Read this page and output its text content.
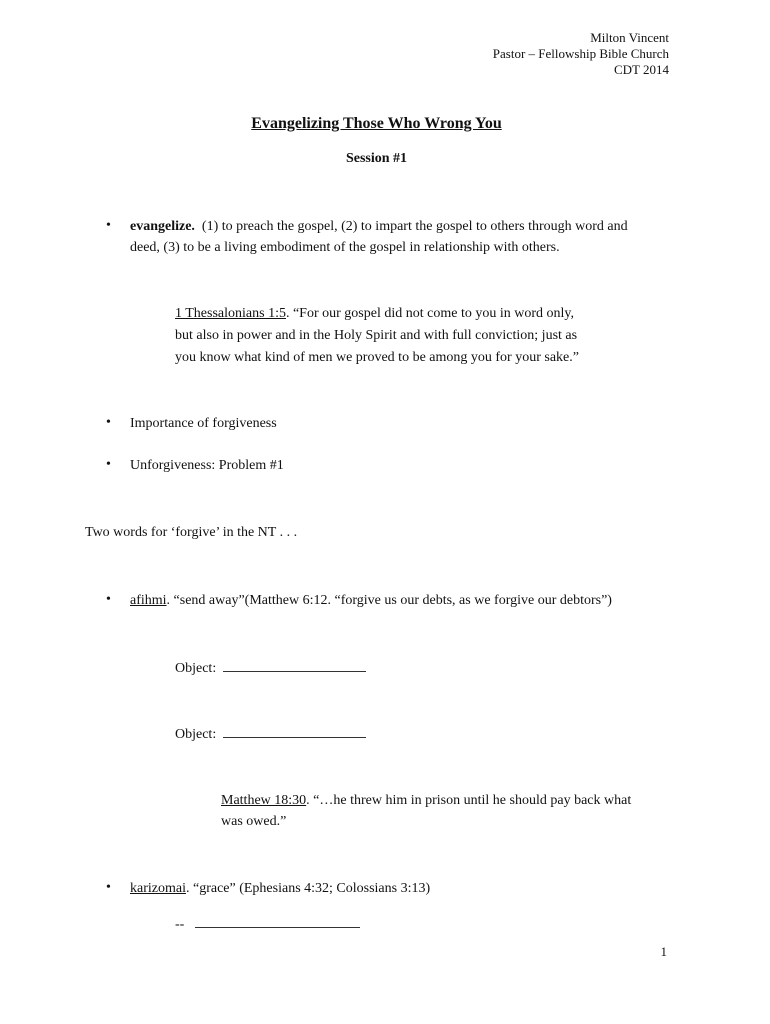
Milton Vincent
Pastor – Fellowship Bible Church
CDT 2014
Evangelizing Those Who Wrong You
Session #1
• evangelize. (1) to preach the gospel, (2) to impart the gospel to others through word and
deed, (3) to be a living embodiment of the gospel in relationship with others.
1 Thessalonians 1:5. “For our gospel did not come to you in word only,
but also in power and in the Holy Spirit and with full conviction; just as
you know what kind of men we proved to be among you for your sake.”
• Importance of forgiveness
• Unforgiveness: Problem #1
Two words for ‘forgive’ in the NT . . .
• afihmi. “send away”(Matthew 6:12. “forgive us our debts, as we forgive our debtors”)
Object:
Object:
Matthew 18:30. “…he threw him in prison until he should pay back what
was owed.”
• karizomai. “grace” (Ephesians 4:32; Colossians 3:13)
--
1
